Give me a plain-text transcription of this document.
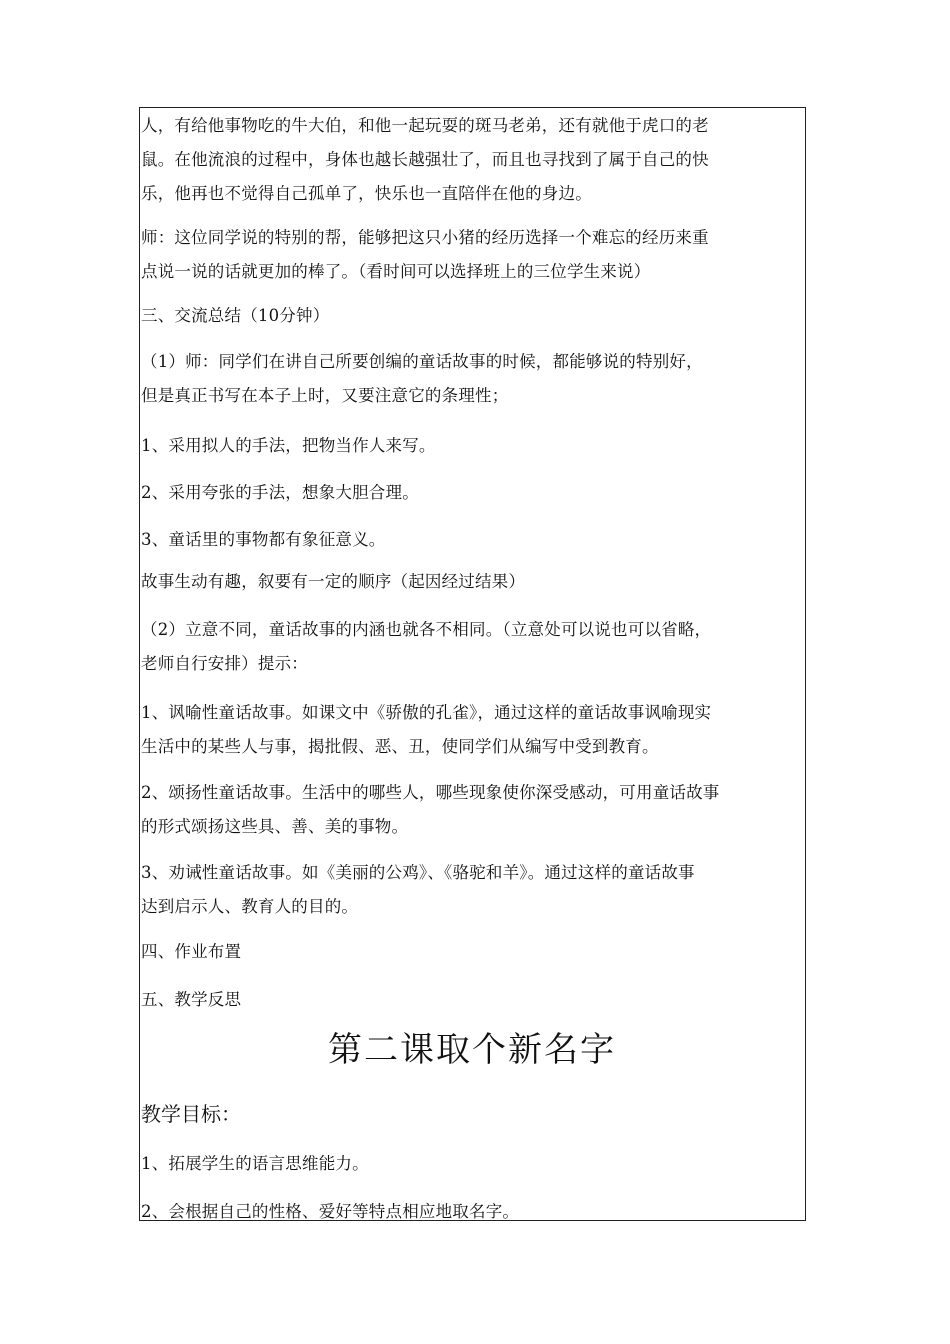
人，有给他事物吃的牛大伯，和他一起玩耍的斑马老弟，还有就他于虎口的老

鼠。在他流浪的过程中，身体也越长越强壮了，而且也寻找到了属于自己的快

乐，他再也不觉得自己孤单了，快乐也一直陪伴在他的身边。

师：这位同学说的特别的帮，能够把这只小猪的经历选择一个难忘的经历来重

点说一说的话就更加的棒了。（看时间可以选择班上的三位学生来说）

三、交流总结（10分钟）

（1）师：同学们在讲自己所要创编的童话故事的时候，都能够说的特别好，

但是真正书写在本子上时，又要注意它的条理性；

1、采用拟人的手法，把物当作人来写。

2、采用夸张的手法，想象大胆合理。

3、童话里的事物都有象征意义。

故事生动有趣，叙要有一定的顺序（起因经过结果）

（2）立意不同，童话故事的内涵也就各不相同。（立意处可以说也可以省略，

老师自行安排）提示：

1、讽喻性童话故事。如课文中《骄傲的孔雀》，通过这样的童话故事讽喻现实

生活中的某些人与事，揭批假、恶、丑，使同学们从编写中受到教育。

2、颂扬性童话故事。生活中的哪些人，哪些现象使你深受感动，可用童话故事

的形式颂扬这些具、善、美的事物。

3、劝诫性童话故事。如《美丽的公鸡》、《骆驼和羊》。通过这样的童话故事

达到启示人、教育人的目的。

四、作业布置

五、教学反思

第二课取个新名字

教学目标：

1、拓展学生的语言思维能力。

2、会根据自己的性格、爱好等特点相应地取名字。
